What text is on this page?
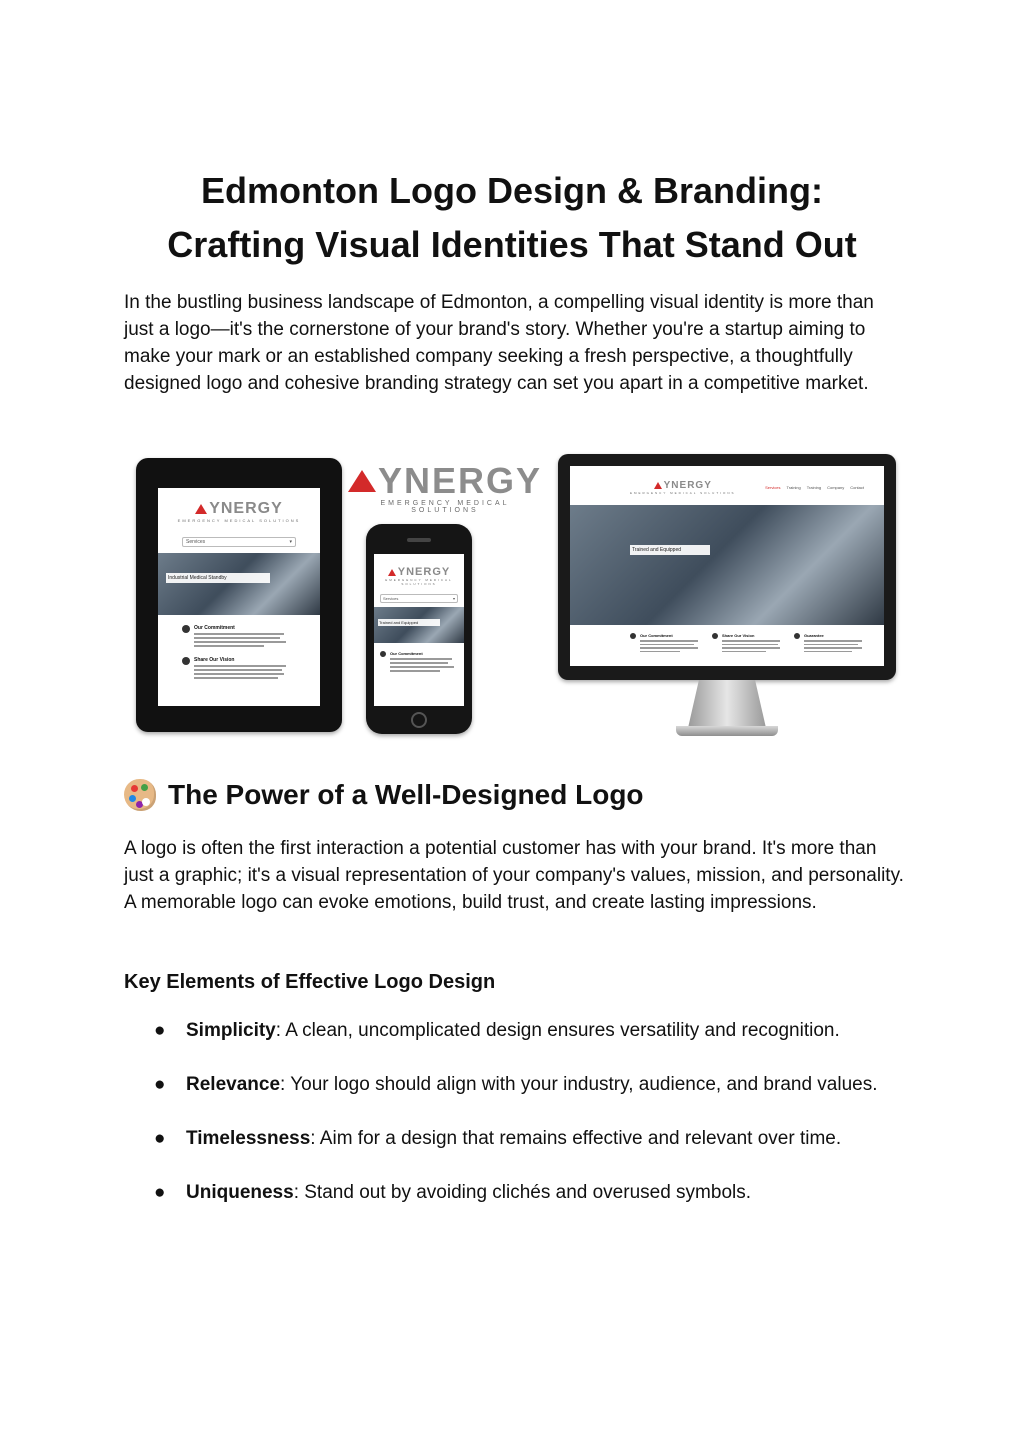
Edmonton Logo Design & Branding:
Crafting Visual Identities That Stand Out

In the bustling business landscape of Edmonton, a compelling visual identity is more than just a logo—it's the cornerstone of your brand's story. Whether you're a startup aiming to make your mark or an established company seeking a fresh perspective, a thoughtfully designed logo and cohesive branding strategy can set you apart in a competitive market.

YNERGY
EMERGENCY MEDICAL SOLUTIONS
Services	▾
Industrial Medical Standby
Our Commitment
Share Our Vision
YNERGY
EMERGENCY MEDICAL SOLUTIONS
YNERGY
EMERGENCY MEDICAL SOLUTIONS
Services	▾
Trained and Equipped
Our Commitment
YNERGY
EMERGENCY MEDICAL SOLUTIONS
Services Training Training Company Contact
Trained and Equipped
Our Commitment	Share Our Vision	Guarantee
The Power of a Well-Designed Logo

A logo is often the first interaction a potential customer has with your brand. It's more than just a graphic; it's a visual representation of your company's values, mission, and personality. A memorable logo can evoke emotions, build trust, and create lasting impressions.

Key Elements of Effective Logo Design
● Simplicity: A clean, uncomplicated design ensures versatility and recognition.
● Relevance: Your logo should align with your industry, audience, and brand values.
● Timelessness: Aim for a design that remains effective and relevant over time.
● Uniqueness: Stand out by avoiding clichés and overused symbols.
